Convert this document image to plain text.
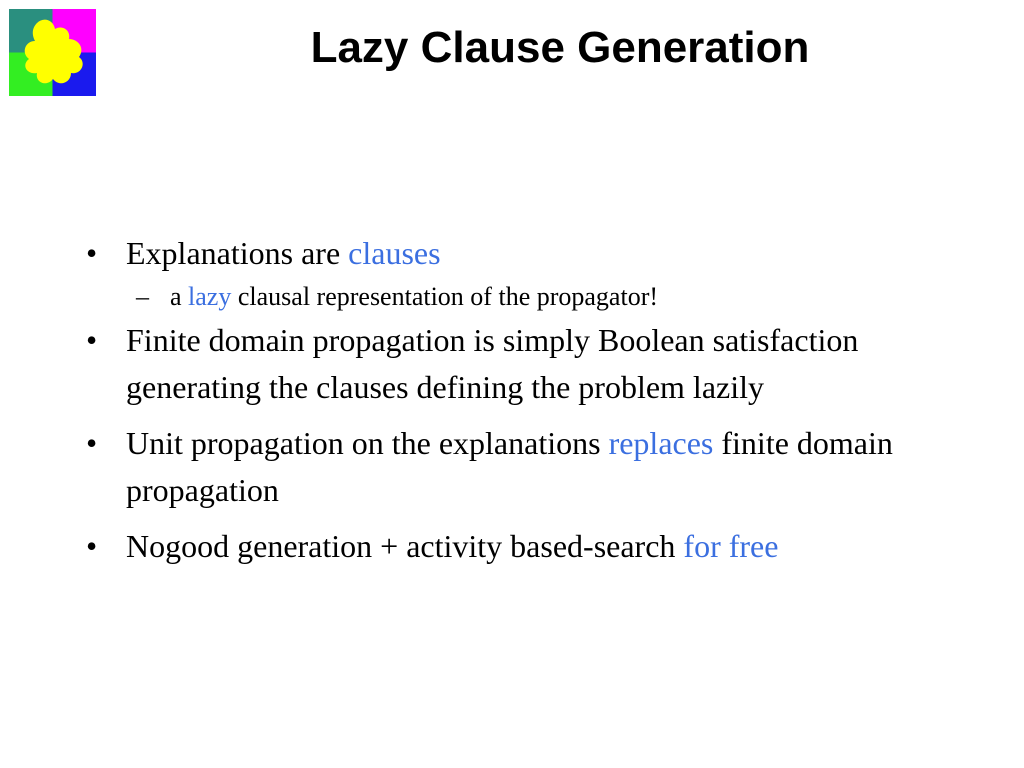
Lazy Clause Generation
• Explanations are clauses
– a lazy clausal representation of the propagator!
• Finite domain propagation is simply Boolean satisfaction generating the clauses defining the problem lazily
• Unit propagation on the explanations replaces finite domain propagation
• Nogood generation + activity based-search for free
